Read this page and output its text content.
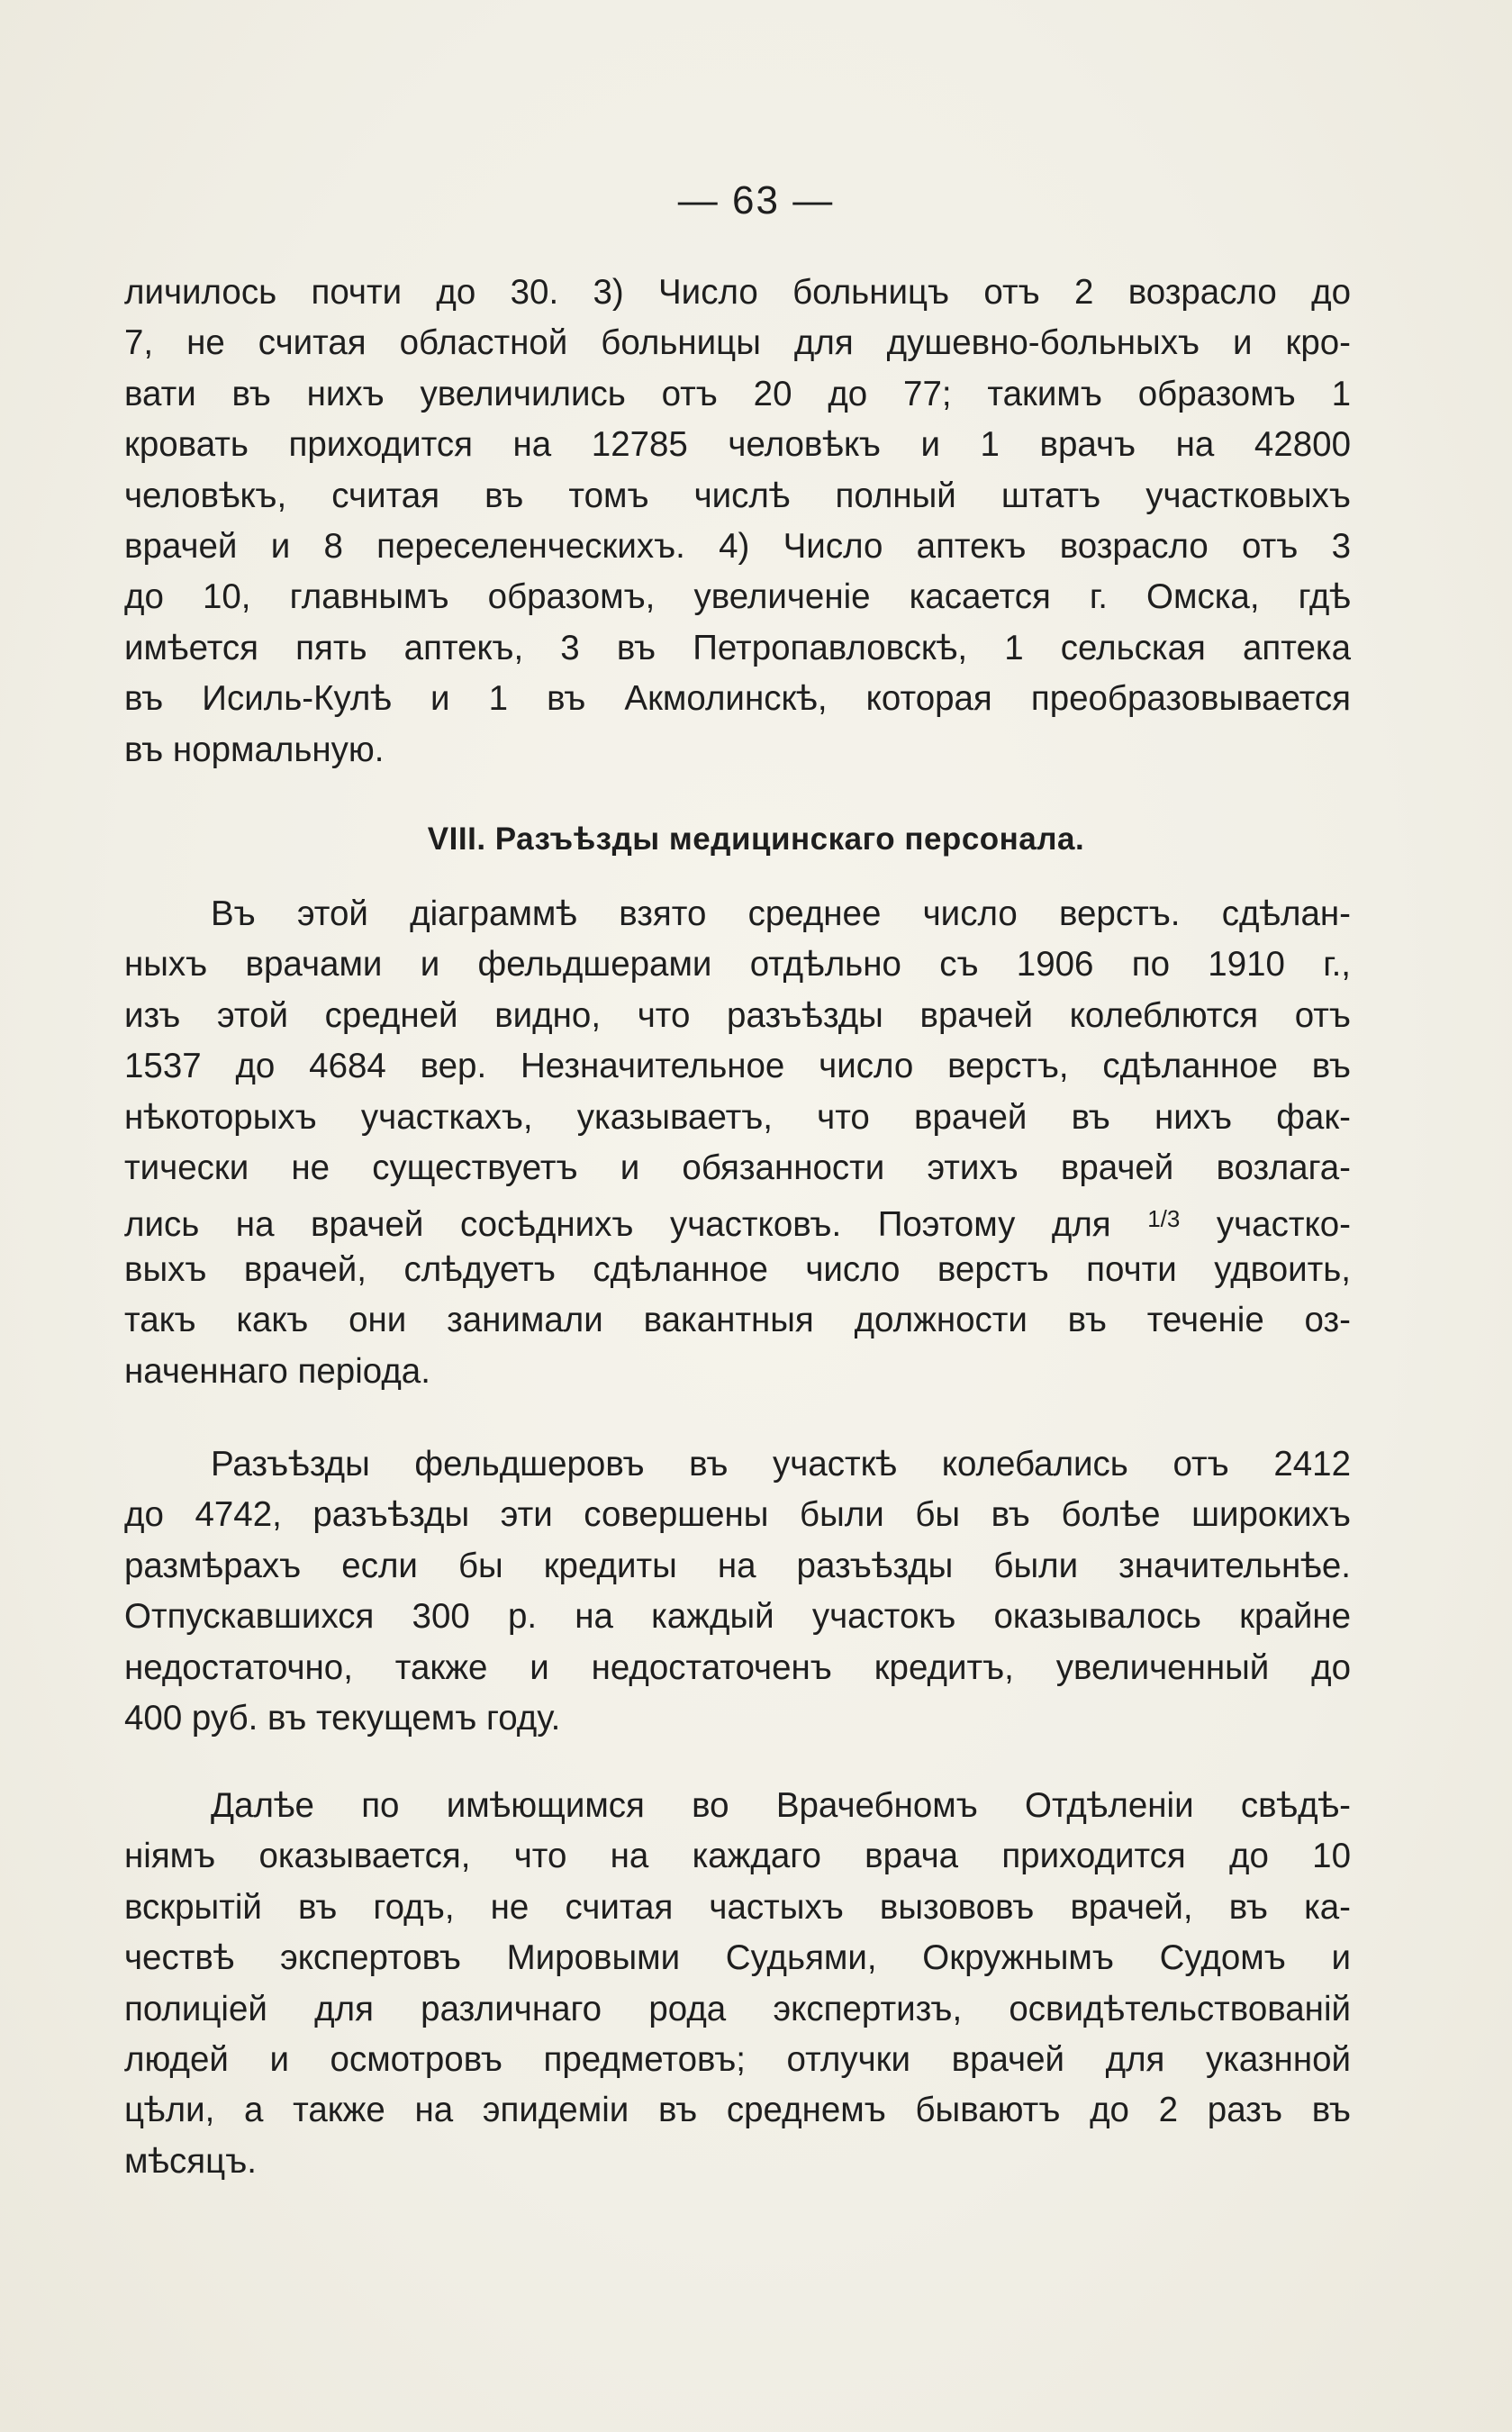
— 63 —
личилось почти до 30. 3) Число больницъ отъ 2 возрасло до
7, не считая областной больницы для душевно-больныхъ и кро-
вати въ нихъ увеличились отъ 20 до 77; такимъ образомъ 1
кровать приходится на 12785 человѣкъ и 1 врачъ на 42800
человѣкъ, считая въ томъ числѣ полный штатъ участковыхъ
врачей и 8 переселенческихъ. 4) Число аптекъ возрасло отъ 3
до 10, главнымъ образомъ, увеличеніе касается г. Омска, гдѣ
имѣется пять аптекъ, 3 въ Петропавловскѣ, 1 сельская аптека
въ Исиль-Кулѣ и 1 въ Акмолинскѣ, которая преобразовывается
въ нормальную.
VIII. Разъѣзды медицинскаго персонала.
Въ этой діаграммѣ взято среднее число верстъ. сдѣлан-
ныхъ врачами и фельдшерами отдѣльно съ 1906 по 1910 г.,
изъ этой средней видно, что разъѣзды врачей колеблются отъ
1537 до 4684 вер. Незначительное число верстъ, сдѣланное въ
нѣкоторыхъ участкахъ, указываетъ, что врачей въ нихъ фак-
тически не существуетъ и обязанности этихъ врачей возлага-
лись на врачей сосѣднихъ участковъ. Поэтому для $^{1/3}$ участко-
выхъ врачей, слѣдуетъ сдѣланное число верстъ почти удвоить,
такъ какъ они занимали вакантныя должности въ теченіе оз-
наченнаго періода.
Разъѣзды фельдшеровъ въ участкѣ колебались отъ 2412
до 4742, разъѣзды эти совершены были бы въ болѣе широкихъ
размѣрахъ если бы кредиты на разъѣзды были значительнѣе.
Отпускавшихся 300 р. на каждый участокъ оказывалось крайне
недостаточно, также и недостаточенъ кредитъ, увеличенный до
400 руб. въ текущемъ году.
Далѣе по имѣющимся во Врачебномъ Отдѣленіи свѣдѣ-
ніямъ оказывается, что на каждаго врача приходится до 10
вскрытій въ годъ, не считая частыхъ вызововъ врачей, въ ка-
чествѣ экспертовъ Мировыми Судьями, Окружнымъ Судомъ и
полиціей для различнаго рода экспертизъ, освидѣтельствованій
людей и осмотровъ предметовъ; отлучки врачей для указнной
цѣли, а также на эпидеміи въ среднемъ бываютъ до 2 разъ въ
мѣсяцъ.
